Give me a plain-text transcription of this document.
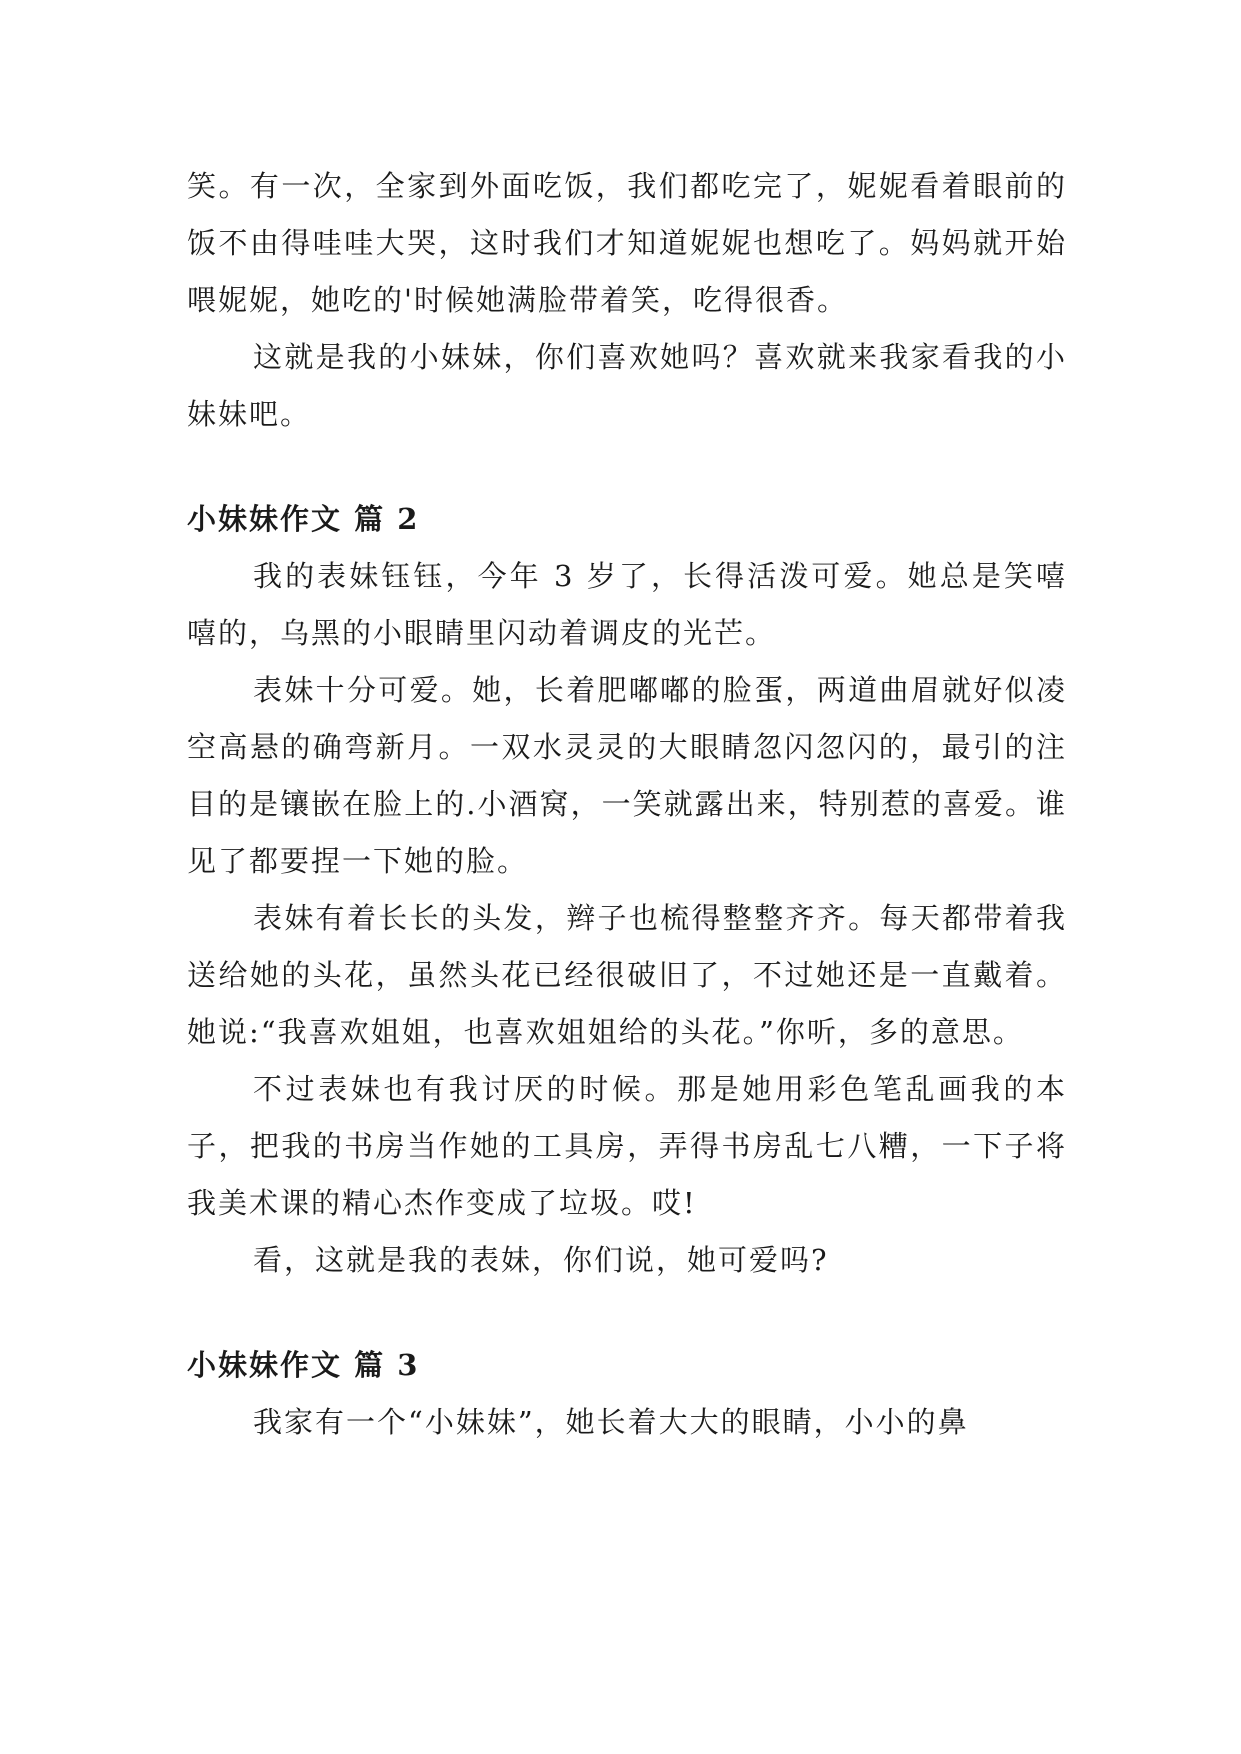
笑。有一次，全家到外面吃饭，我们都吃完了，妮妮看着眼前的饭不由得哇哇大哭，这时我们才知道妮妮也想吃了。妈妈就开始喂妮妮，她吃的'时候她满脸带着笑，吃得很香。

这就是我的小妹妹，你们喜欢她吗？喜欢就来我家看我的小妹妹吧。

小妹妹作文 篇 2

我的表妹钰钰，今年 3 岁了，长得活泼可爱。她总是笑嘻嘻的，乌黑的小眼睛里闪动着调皮的光芒。

表妹十分可爱。她，长着肥嘟嘟的脸蛋，两道曲眉就好似凌空高悬的确弯新月。一双水灵灵的大眼睛忽闪忽闪的，最引的注目的是镶嵌在脸上的.小酒窝，一笑就露出来，特别惹的喜爱。谁见了都要捏一下她的脸。

表妹有着长长的头发，辫子也梳得整整齐齐。每天都带着我送给她的头花，虽然头花已经很破旧了，不过她还是一直戴着。她说:“我喜欢姐姐，也喜欢姐姐给的头花。”你听，多的意思。

不过表妹也有我讨厌的时候。那是她用彩色笔乱画我的本子，把我的书房当作她的工具房，弄得书房乱七八糟，一下子将我美术课的精心杰作变成了垃圾。哎!

看，这就是我的表妹，你们说，她可爱吗?

小妹妹作文 篇 3

我家有一个“小妹妹”，她长着大大的眼睛，小小的鼻
